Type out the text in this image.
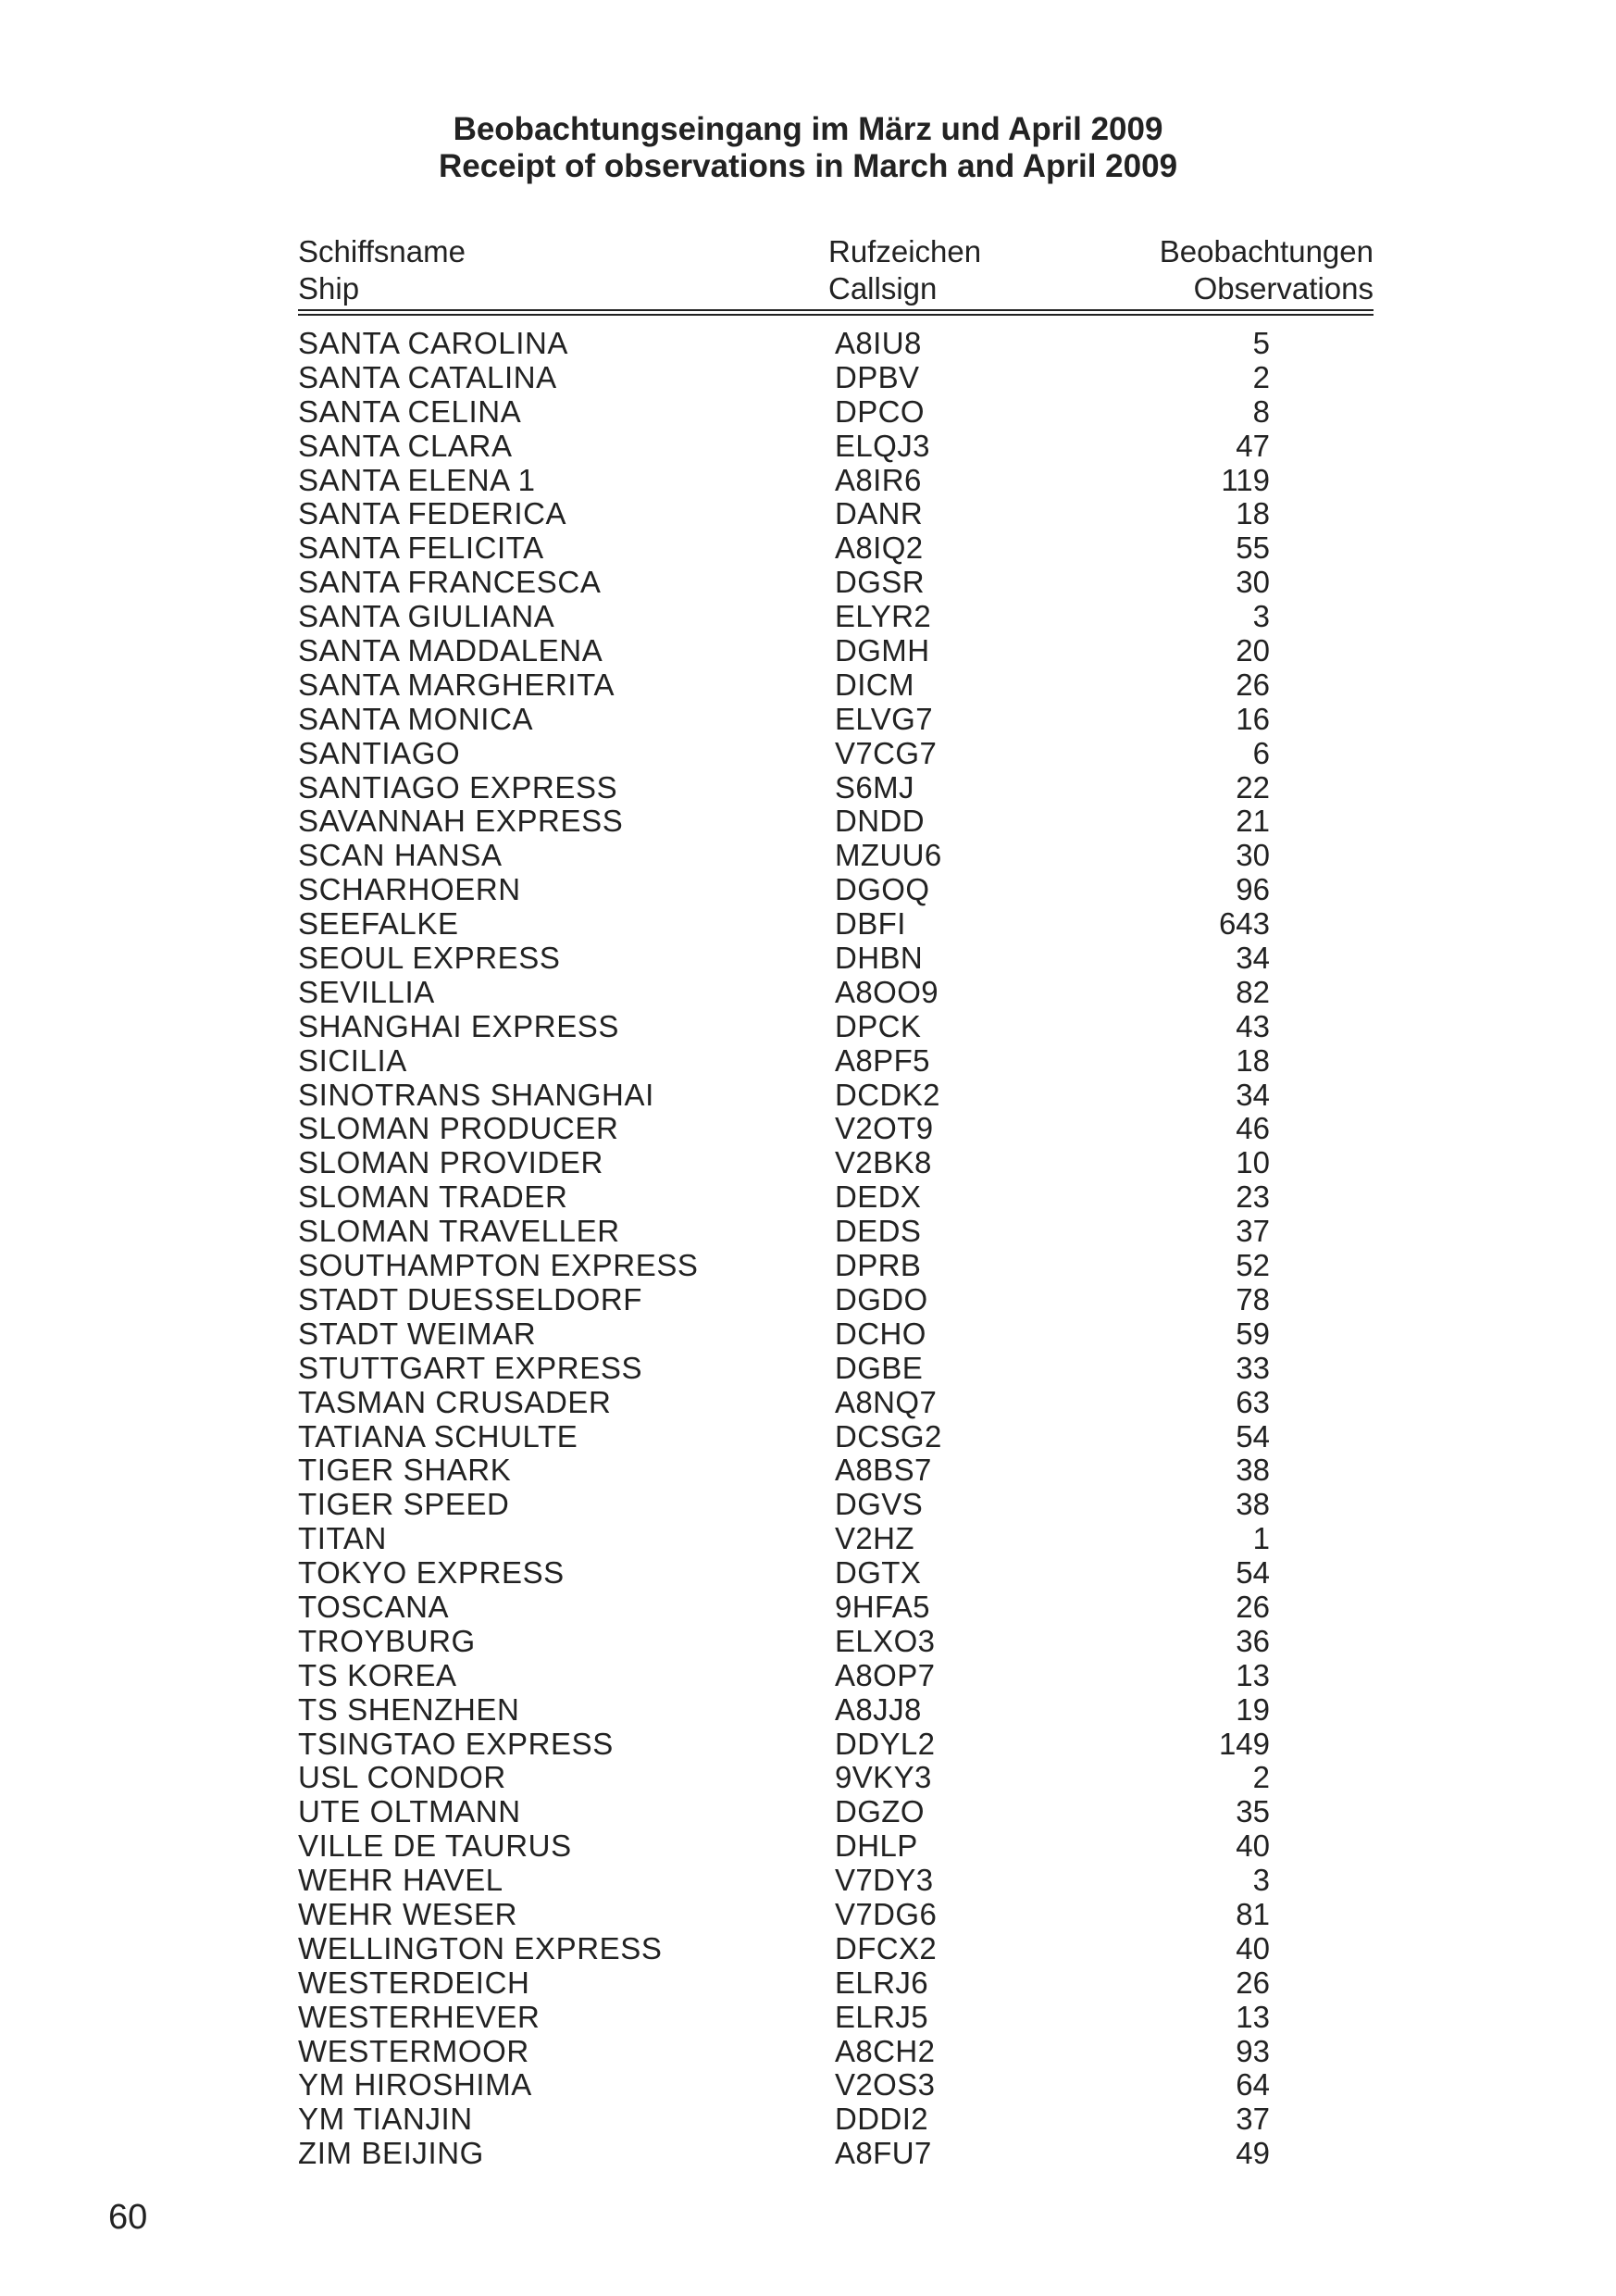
Beobachtungseingang im März und April 2009
Receipt of observations in March and April 2009
Schiffsname
Ship
Rufzeichen
Callsign
Beobachtungen
Observations
SANTA CAROLINA	A8IU8	5
SANTA CATALINA	DPBV	2
SANTA CELINA	DPCO	8
SANTA CLARA	ELQJ3	47
SANTA ELENA 1	A8IR6	119
SANTA FEDERICA	DANR	18
SANTA FELICITA	A8IQ2	55
SANTA FRANCESCA	DGSR	30
SANTA GIULIANA	ELYR2	3
SANTA MADDALENA	DGMH	20
SANTA MARGHERITA	DICM	26
SANTA MONICA	ELVG7	16
SANTIAGO	V7CG7	6
SANTIAGO EXPRESS	S6MJ	22
SAVANNAH EXPRESS	DNDD	21
SCAN HANSA	MZUU6	30
SCHARHOERN	DGOQ	96
SEEFALKE	DBFI	643
SEOUL EXPRESS	DHBN	34
SEVILLIA	A8OO9	82
SHANGHAI EXPRESS	DPCK	43
SICILIA	A8PF5	18
SINOTRANS SHANGHAI	DCDK2	34
SLOMAN PRODUCER	V2OT9	46
SLOMAN PROVIDER	V2BK8	10
SLOMAN TRADER	DEDX	23
SLOMAN TRAVELLER	DEDS	37
SOUTHAMPTON EXPRESS	DPRB	52
STADT DUESSELDORF	DGDO	78
STADT WEIMAR	DCHO	59
STUTTGART EXPRESS	DGBE	33
TASMAN CRUSADER	A8NQ7	63
TATIANA SCHULTE	DCSG2	54
TIGER SHARK	A8BS7	38
TIGER SPEED	DGVS	38
TITAN	V2HZ	1
TOKYO EXPRESS	DGTX	54
TOSCANA	9HFA5	26
TROYBURG	ELXO3	36
TS KOREA	A8OP7	13
TS SHENZHEN	A8JJ8	19
TSINGTAO EXPRESS	DDYL2	149
USL CONDOR	9VKY3	2
UTE OLTMANN	DGZO	35
VILLE DE TAURUS	DHLP	40
WEHR HAVEL	V7DY3	3
WEHR WESER	V7DG6	81
WELLINGTON EXPRESS	DFCX2	40
WESTERDEICH	ELRJ6	26
WESTERHEVER	ELRJ5	13
WESTERMOOR	A8CH2	93
YM HIROSHIMA	V2OS3	64
YM TIANJIN	DDDI2	37
ZIM BEIJING	A8FU7	49
60
